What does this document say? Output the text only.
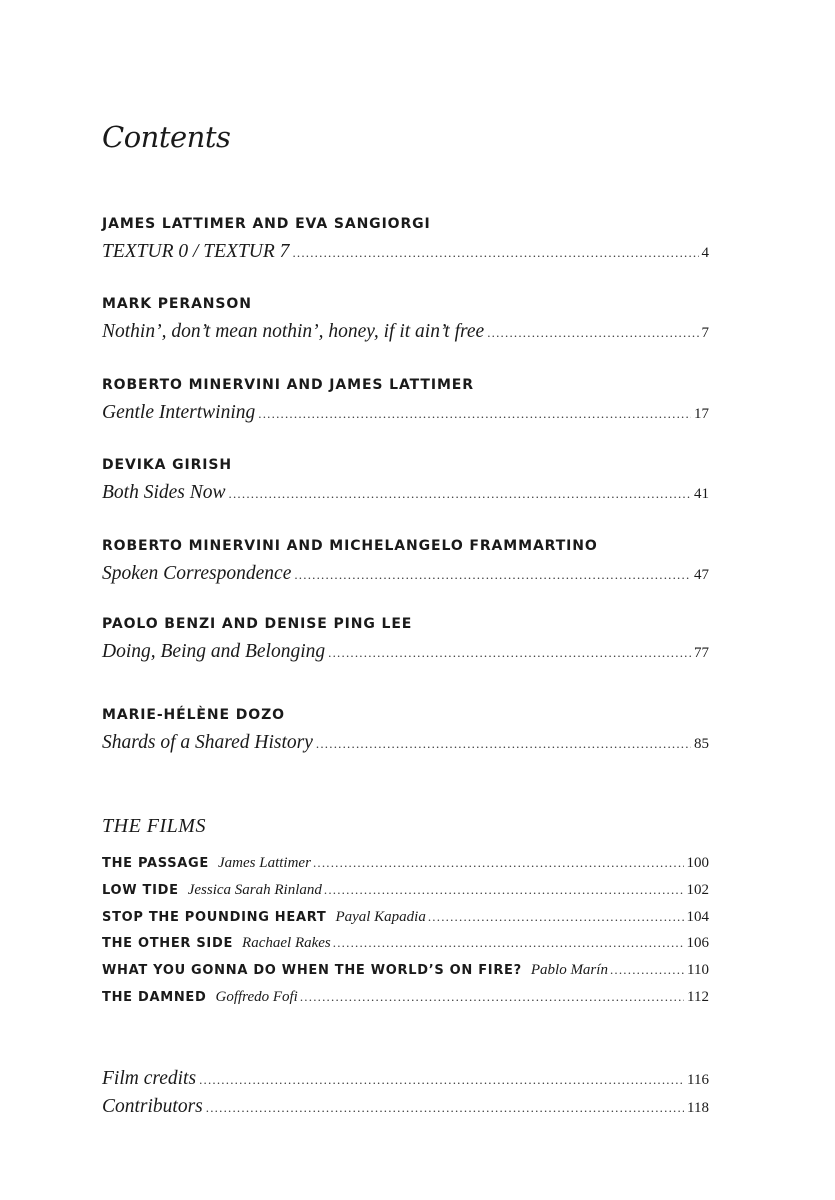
Contents
JAMES LATTIMER AND EVA SANGIORGI
TEXTUR 0 / TEXTUR 7 .....	4
MARK PERANSON
Nothin’, don’t mean nothin’, honey, if it ain’t free .....	7
ROBERTO MINERVINI AND JAMES LATTIMER
Gentle Intertwining .....	17
DEVIKA GIRISH
Both Sides Now .....	41
ROBERTO MINERVINI AND MICHELANGELO FRAMMARTINO
Spoken Correspondence .....	47
PAOLO BENZI AND DENISE PING LEE
Doing, Being and Belonging .....	77
MARIE-HÉLÈNE DOZO
Shards of a Shared History .....	85
THE FILMS
THE PASSAGE James Lattimer .....	100
LOW TIDE Jessica Sarah Rinland .....	102
STOP THE POUNDING HEART Payal Kapadia .....	104
THE OTHER SIDE Rachael Rakes .....	106
WHAT YOU GONNA DO WHEN THE WORLD’S ON FIRE? Pablo Marín .....	110
THE DAMNED Goffredo Fofi .....	112
Film credits .....	116
Contributors .....	118
